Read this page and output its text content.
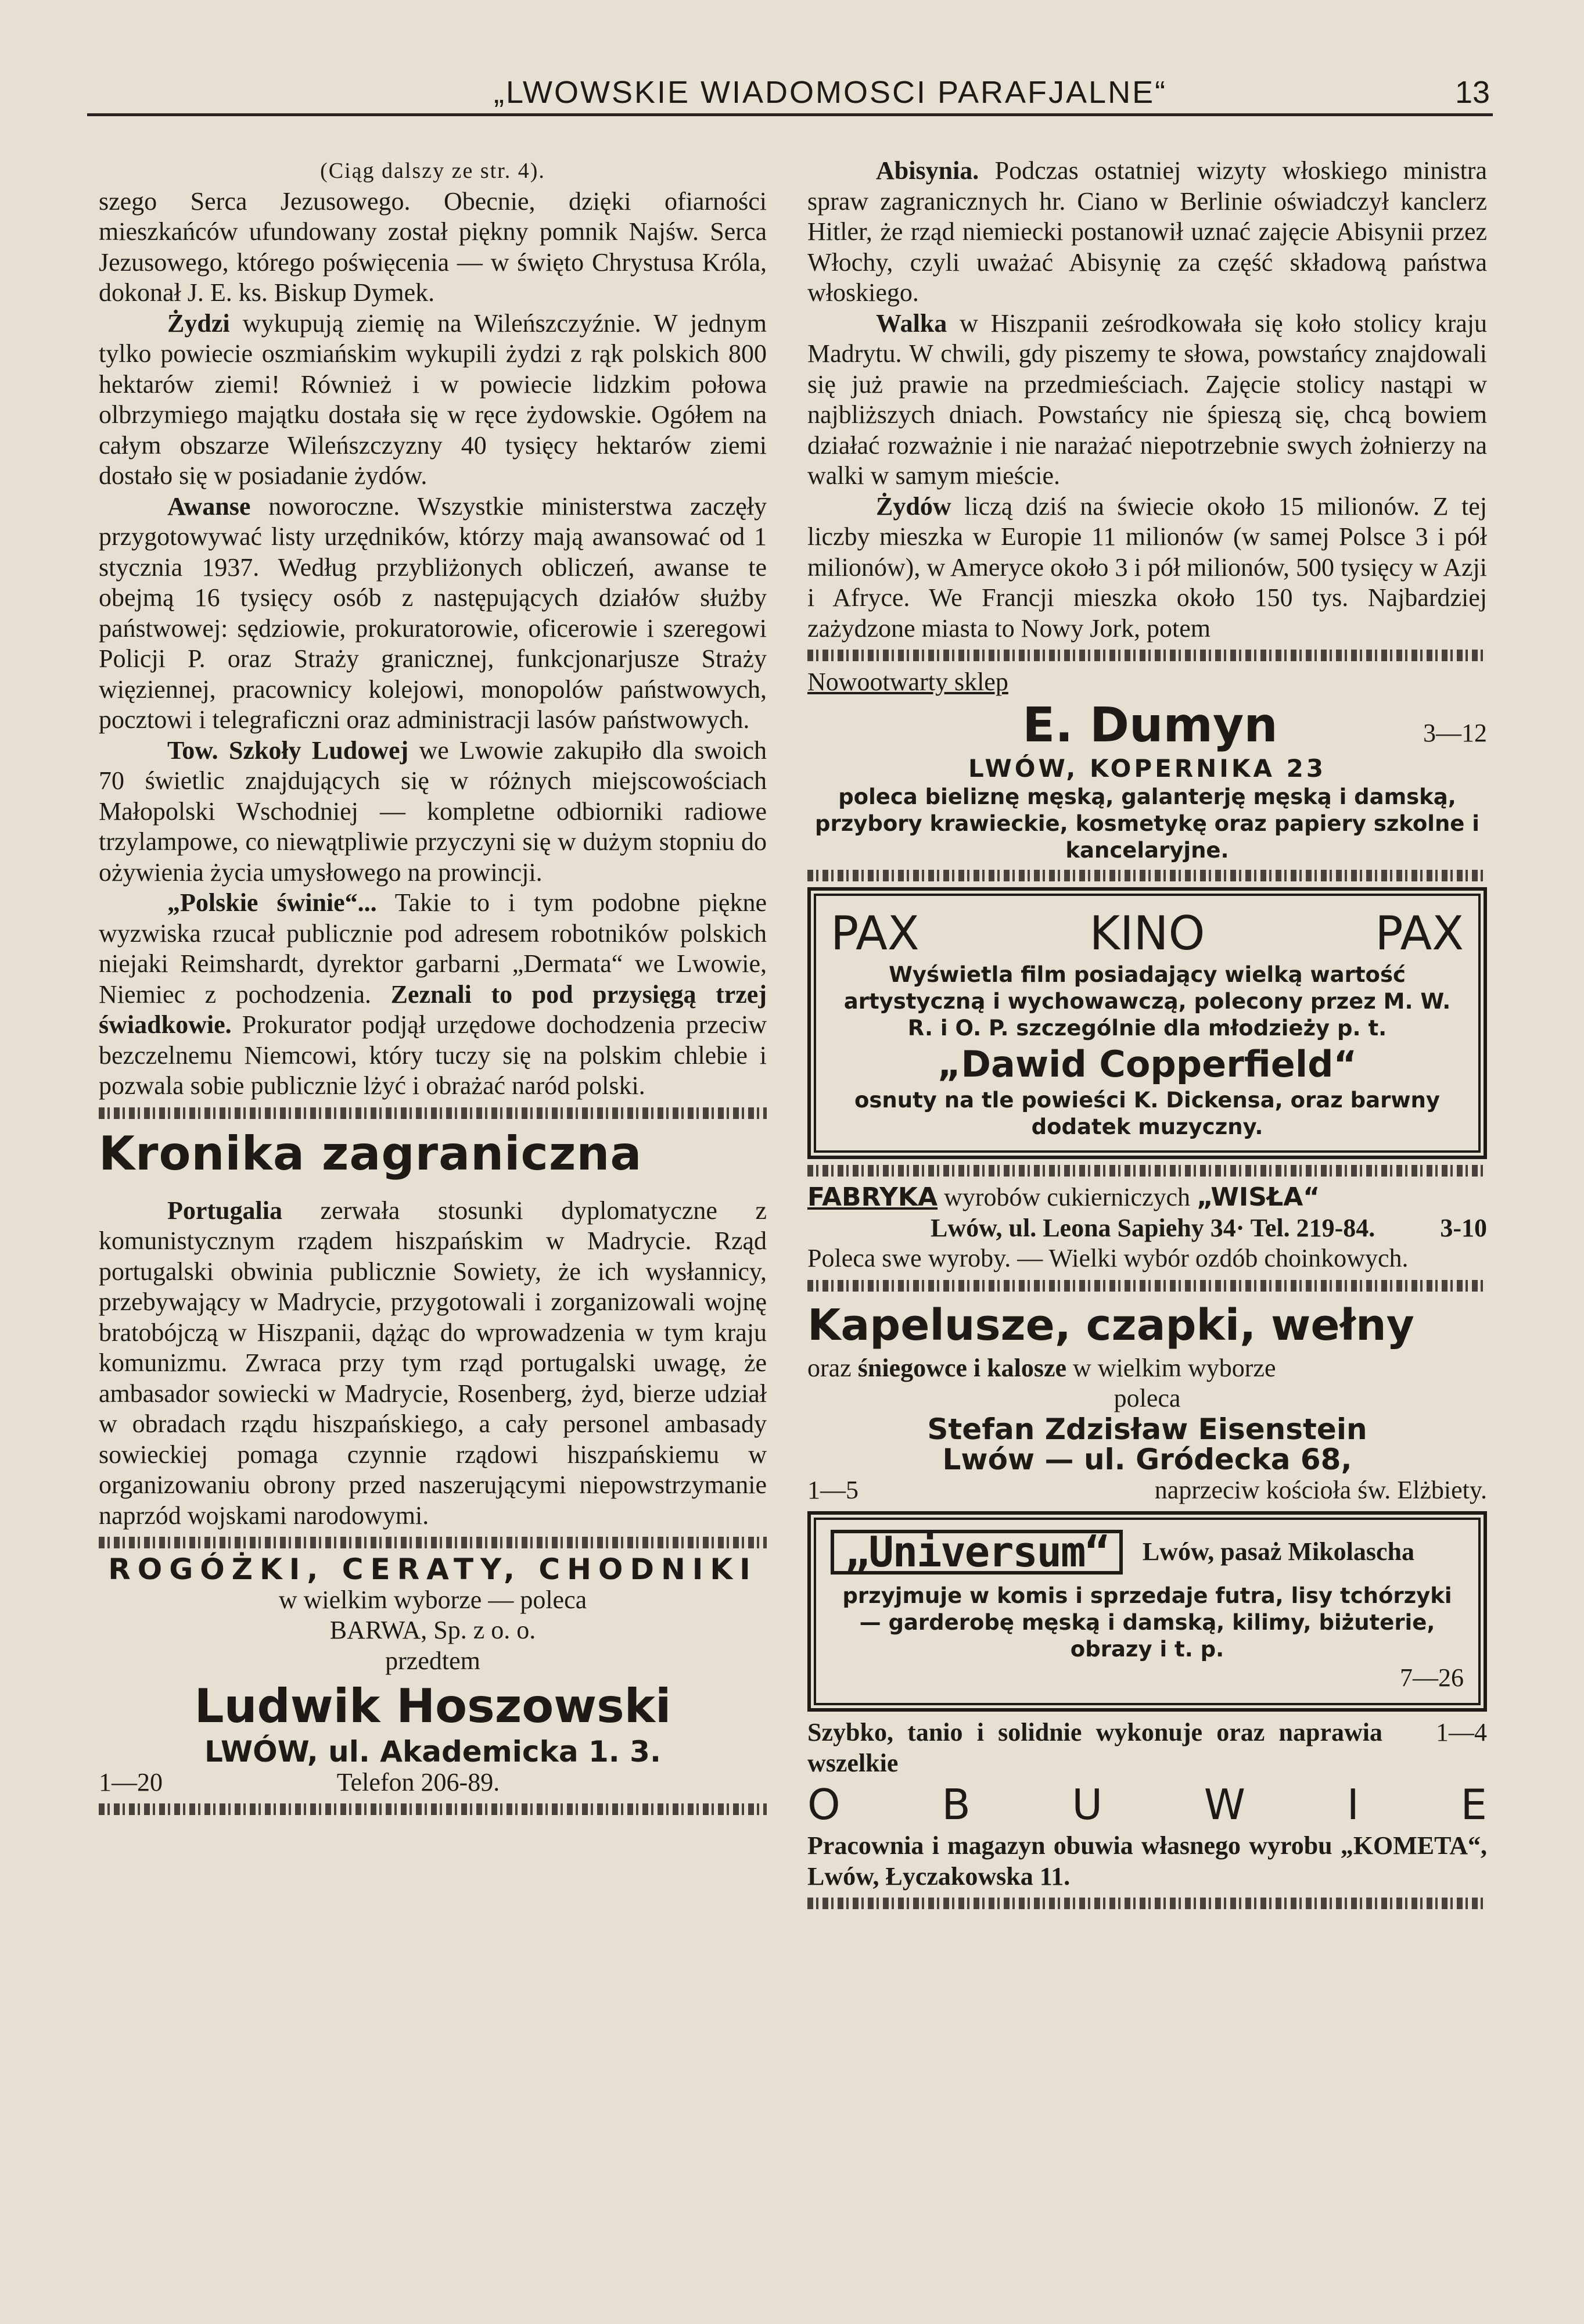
„LWOWSKIE WIADOMOSCI PARAFJALNE“	13

(Ciąg dalszy ze str. 4).

szego Serca Jezusowego. Obecnie, dzięki ofiarności mieszkańców ufundowany został piękny pomnik Najśw. Serca Jezusowego, którego poświęcenia — w święto Chrystusa Króla, dokonał J. E. ks. Biskup Dymek.

Żydzi wykupują ziemię na Wileńszczyźnie. W jednym tylko powiecie oszmiańskim wykupili żydzi z rąk polskich 800 hektarów ziemi! Również i w powiecie lidzkim połowa olbrzymiego majątku dostała się w ręce żydowskie. Ogółem na całym obszarze Wileńszczyzny 40 tysięcy hektarów ziemi dostało się w posiadanie żydów.

Awanse noworoczne. Wszystkie ministerstwa zaczęły przygotowywać listy urzędników, którzy mają awansować od 1 stycznia 1937. Według przybliżonych obliczeń, awanse te obejmą 16 tysięcy osób z następujących działów służby państwowej: sędziowie, prokuratorowie, oficerowie i szeregowi Policji P. oraz Straży granicznej, funkcjonarjusze Straży więziennej, pracownicy kolejowi, monopolów państwowych, pocztowi i telegraficzni oraz administracji lasów państwowych.

Tow. Szkoły Ludowej we Lwowie zakupiło dla swoich 70 świetlic znajdujących się w różnych miejscowościach Małopolski Wschodniej — kompletne odbiorniki radiowe trzylampowe, co niewątpliwie przyczyni się w dużym stopniu do ożywienia życia umysłowego na prowincji.

„Polskie świnie“... Takie to i tym podobne piękne wyzwiska rzucał publicznie pod adresem robotników polskich niejaki Reimshardt, dyrektor garbarni „Dermata“ we Lwowie, Niemiec z pochodzenia. Zeznali to pod przysięgą trzej świadkowie. Prokurator podjął urzędowe dochodzenia przeciw bezczelnemu Niemcowi, który tuczy się na polskim chlebie i pozwala sobie publicznie lżyć i obrażać naród polski.

Kronika zagraniczna

Portugalia zerwała stosunki dyplomatyczne z komunistycznym rządem hiszpańskim w Madrycie. Rząd portugalski obwinia publicznie Sowiety, że ich wysłannicy, przebywający w Madrycie, przygotowali i zorganizowali wojnę bratobójczą w Hiszpanii, dążąc do wprowadzenia w tym kraju komunizmu. Zwraca przy tym rząd portugalski uwagę, że ambasador sowiecki w Madrycie, Rosenberg, żyd, bierze udział w obradach rządu hiszpańskiego, a cały personel ambasady sowieckiej pomaga czynnie rządowi hiszpańskiemu w organizowaniu obrony przed naszerującymi niepowstrzymanie naprzód wojskami narodowymi.

ROGÓŻKI, CERATY, CHODNIKI
w wielkim wyborze — poleca
BARWA, Sp. z o. o.
przedtem
Ludwik Hoszowski
LWÓW, ul. Akademicka 1. 3.
1—20	Telefon 206-89.

Abisynia. Podczas ostatniej wizyty włoskiego ministra spraw zagranicznych hr. Ciano w Berlinie oświadczył kanclerz Hitler, że rząd niemiecki postanowił uznać zajęcie Abisynii przez Włochy, czyli uważać Abisynię za część składową państwa włoskiego.

Walka w Hiszpanii ześrodkowała się koło stolicy kraju Madrytu. W chwili, gdy piszemy te słowa, powstańcy znajdowali się już prawie na przedmieściach. Zajęcie stolicy nastąpi w najbliższych dniach. Powstańcy nie śpieszą się, chcą bowiem działać rozważnie i nie narażać niepotrzebnie swych żołnierzy na walki w samym mieście.

Żydów liczą dziś na świecie około 15 milionów. Z tej liczby mieszka w Europie 11 milionów (w samej Polsce 3 i pół milionów), w Ameryce około 3 i pół milionów, 500 tysięcy w Azji i Afryce. We Francji mieszka około 150 tys. Najbardziej zażydzone miasta to Nowy Jork, potem

Nowootwarty sklep
E. Dumyn	3—12
LWÓW, KOPERNIKA 23
poleca bieliznę męską, galanterję męską i damską, przybory krawieckie, kosmetykę oraz papiery szkolne i kancelaryjne.
PAX	KINO	PAX
Wyświetla film posiadający wielką wartość artystyczną i wychowawczą, polecony przez M. W. R. i O. P. szczególnie dla młodzieży p. t.
„Dawid Copperfield“
osnuty na tle powieści K. Dickensa, oraz barwny dodatek muzyczny.
FABRYKA wyrobów cukierniczych „WISŁA“
Lwów, ul. Leona Sapiehy 34· Tel. 219-84.	3-10
Poleca swe wyroby. — Wielki wybór ozdób choinkowych.
Kapelusze, czapki, wełny
oraz śniegowce i kalosze w wielkim wyborze
poleca
Stefan Zdzisław Eisenstein
Lwów — ul. Gródecka 68,
1—5	naprzeciw kościoła św. Elżbiety.
„Universum“	Lwów, pasaż Mikolascha
przyjmuje w komis i sprzedaje futra, lisy tchórzyki — garderobę męską i damską, kilimy, biżuterie, obrazy i t. p.
7—26
Szybko, tanio i solidnie wykonuje oraz naprawia wszelkie
1—4
O B U W I E
Pracownia i magazyn obuwia własnego wyrobu „KOMETA“, Lwów, Łyczakowska 11.
